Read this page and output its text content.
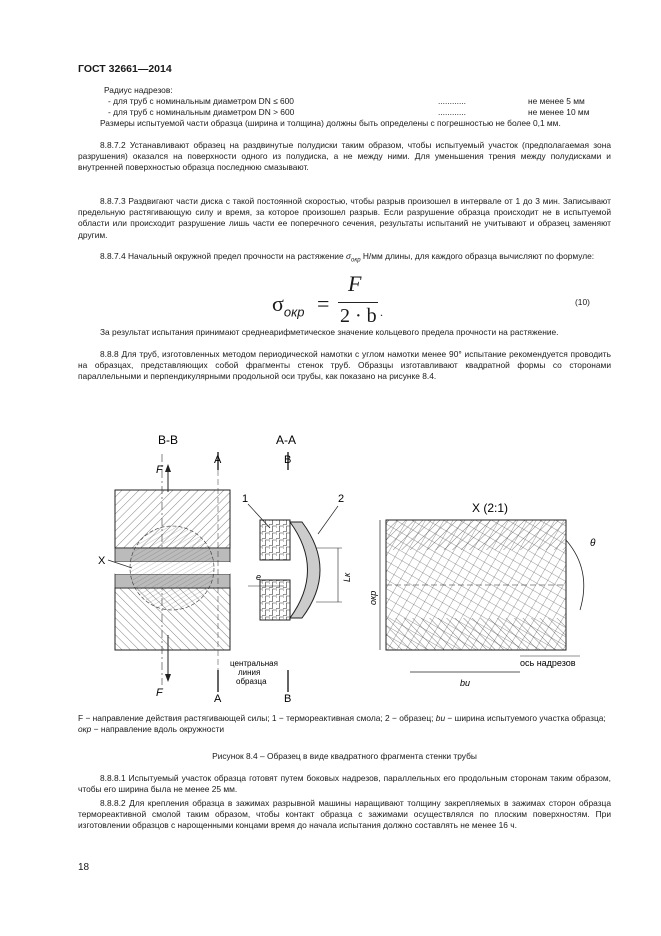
ГОСТ 32661—2014
Радиус надрезов:
- для труб с номинальным диаметром DN ≤ 600	............	не менее 5 мм
- для труб с номинальным диаметром DN > 600	............	не менее 10 мм
Размеры испытуемой части образца (ширина и толщина) должны быть определены с погрешностью не более 0,1 мм.
8.8.7.2 Устанавливают образец на раздвинутые полудиски таким образом, чтобы испытуемый участок (предполагаемая зона разрушения) оказался на поверхности одного из полудиска, а не между ними. Для уменьшения трения между полудисками и внутренней поверхностью образца последнюю смазывают.
8.8.7.3 Раздвигают части диска с такой постоянной скоростью, чтобы разрыв произошел в интервале от 1 до 3 мин. Записывают предельную растягивающую силу и время, за которое произошел разрыв. Если разрушение образца происходит не в испытуемой области или происходит разрушение лишь части ее поперечного сечения, результаты испытаний не учитывают и образец заменяют другим.
8.8.7.4 Начальный окружной предел прочности на растяжение $\sigma_{окр}$ Н/мм длины, для каждого образца вычисляют по формуле:
$\sigma_{окр}$ =
F
2 · b .
(10)
За результат испытания принимают среднеарифметическое значение кольцевого предела прочности на растяжение.
8.8.8 Для труб, изготовленных методом периодической намотки с углом намотки менее 90° испытание рекомендуется проводить на образцах, представляющих собой фрагменты стенок труб. Образцы изготавливают квадратной формы со сторонами параллельными и перпендикулярными продольной оси трубы, как показано на рисунке 8.4.
B-B	A-A
F
F
X
A
A
B
B
1	2
e	Lк
центральная
линия
образца
X (2:1)
окр
θ
bu
ось надрезов
F − направление действия растягивающей силы; 1 − термореактивная смола; 2 − образец; bu − ширина испытуемого участка образца; окр − направление вдоль окружности
Рисунок 8.4 – Образец в виде квадратного фрагмента стенки трубы
8.8.8.1 Испытуемый участок образца готовят путем боковых надрезов, параллельных его продольным сторонам таким образом, чтобы его ширина была не менее 25 мм.
8.8.8.2 Для крепления образца в зажимах разрывной машины наращивают толщину закрепляемых в зажимах сторон образца термореактивной смолой таким образом, чтобы контакт образца с зажимами осуществлялся по плоским поверхностям. При изготовлении образцов с нарощенными концами время до начала испытания должно составлять не менее 16 ч.
18
